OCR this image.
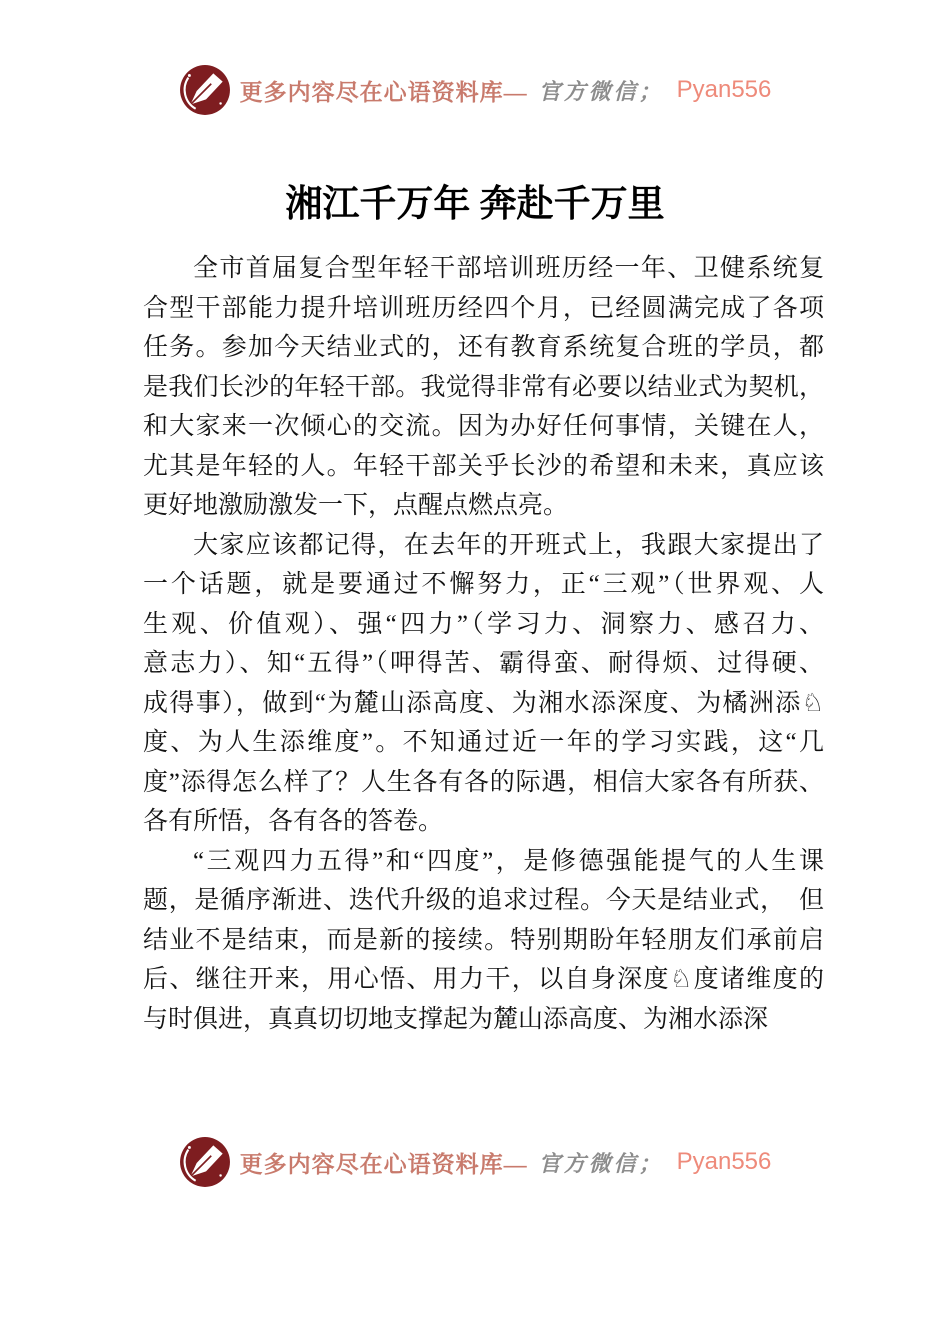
更多内容尽在心语资料库— 官方微信； Pyan556
湘江千万年 奔赴千万里
全市首届复合型年轻干部培训班历经一年、卫健系统复
合型干部能力提升培训班历经四个月，已经圆满完成了各项
任务。参加今天结业式的，还有教育系统复合班的学员，都
是我们长沙的年轻干部。我觉得非常有必要以结业式为契机，
和大家来一次倾心的交流。因为办好任何事情，关键在人，
尤其是年轻的人。年轻干部关乎长沙的希望和未来，真应该
更好地激励激发一下，点醒点燃点亮。
大家应该都记得，在去年的开班式上，我跟大家提出了
一个话题，就是要通过不懈努力，正“三观”（世界观、人
生观、价值观）、强“四力”（学习力、洞察力、感召力、
意志力）、知“五得”（呷得苦、霸得蛮、耐得烦、过得硬、
成得事），做到“为麓山添高度、为湘水添深度、为橘洲添♘
度、为人生添维度”。不知通过近一年的学习实践，这“几
度”添得怎么样了？人生各有各的际遇，相信大家各有所获、
各有所悟，各有各的答卷。
“三观四力五得”和“四度”，是修德强能提气的人生课
题，是循序渐进、迭代升级的追求过程。今天是结业式，　但
结业不是结束，而是新的接续。特别期盼年轻朋友们承前启
后、继往开来，用心悟、用力干，以自身深度♘度诸维度的
与时俱进，真真切切地支撑起为麓山添高度、为湘水添深
更多内容尽在心语资料库— 官方微信； Pyan556
